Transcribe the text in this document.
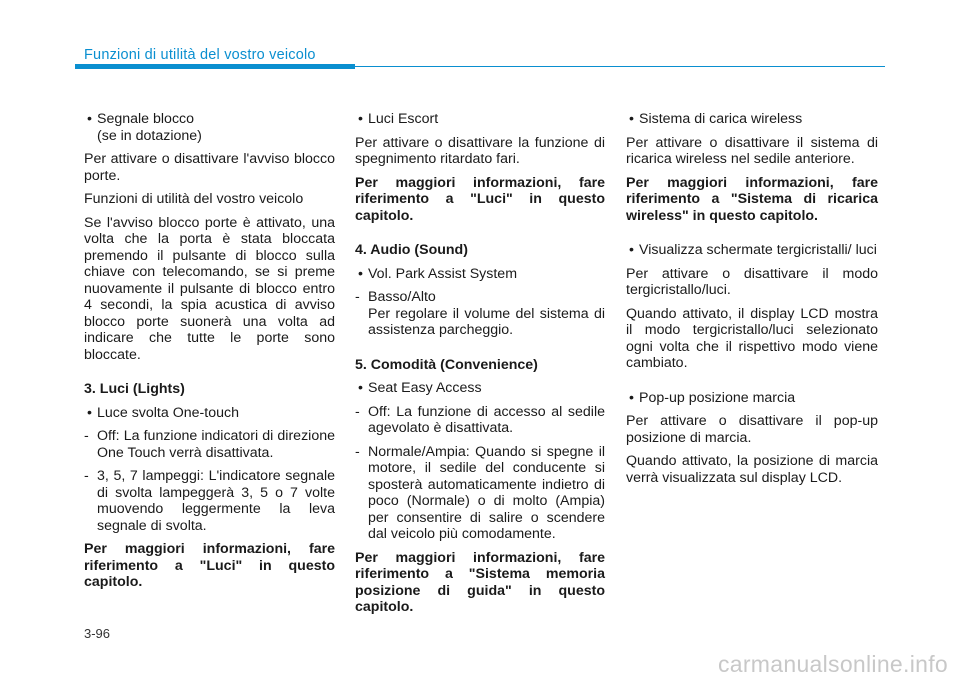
Funzioni di utilità del vostro veicolo
• Segnale blocco
(se in dotazione)

Per attivare o disattivare l'avviso blocco porte.

Funzioni di utilità del vostro veicolo

Se l'avviso blocco porte è attivato, una volta che la porta è stata bloccata premendo il pulsante di blocco sulla chiave con telecomando, se si preme nuovamente il pulsante di blocco entro 4 secondi, la spia acustica di avviso blocco porte suonerà una volta ad indicare che tutte le porte sono bloccate.

3. Luci (Lights)

• Luce svolta One-touch
- Off: La funzione indicatori di direzione One Touch verrà disattivata.
- 3, 5, 7 lampeggi: L'indicatore segnale di svolta lampeggerà 3, 5 o 7 volte muovendo leggermente la leva segnale di svolta.

Per maggiori informazioni, fare riferimento a "Luci" in questo capitolo.

• Luci Escort

Per attivare o disattivare la funzione di spegnimento ritardato fari.

Per maggiori informazioni, fare riferimento a "Luci" in questo capitolo.

4. Audio (Sound)

• Vol. Park Assist System
- Basso/Alto
Per regolare il volume del sistema di assistenza parcheggio.

5. Comodità (Convenience)

• Seat Easy Access
- Off: La funzione di accesso al sedile agevolato è disattivata.
- Normale/Ampia: Quando si spegne il motore, il sedile del conducente si sposterà automaticamente indietro di poco (Normale) o di molto (Ampia) per consentire di salire o scendere dal veicolo più comodamente.

Per maggiori informazioni, fare riferimento a "Sistema memoria posizione di guida" in questo capitolo.

• Sistema di carica wireless

Per attivare o disattivare il sistema di ricarica wireless nel sedile anteriore.

Per maggiori informazioni, fare riferimento a "Sistema di ricarica wireless" in questo capitolo.

• Visualizza schermate tergicristalli/ luci

Per attivare o disattivare il modo tergicristallo/luci.

Quando attivato, il display LCD mostra il modo tergicristallo/luci selezionato ogni volta che il rispettivo modo viene cambiato.

• Pop-up posizione marcia

Per attivare o disattivare il pop-up posizione di marcia.

Quando attivato, la posizione di marcia verrà visualizzata sul display LCD.

3-96
carmanualsonline.info
